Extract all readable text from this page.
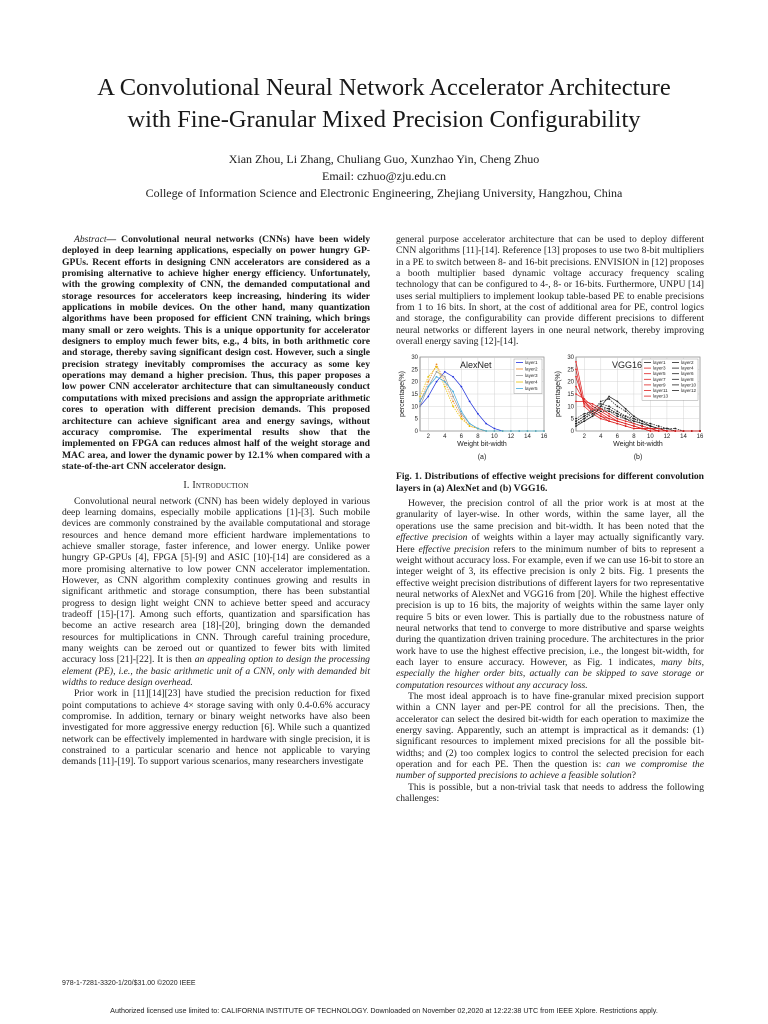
A Convolutional Neural Network Accelerator Architecture
with Fine-Granular Mixed Precision Configurability
Xian Zhou, Li Zhang, Chuliang Guo, Xunzhao Yin, Cheng Zhuo
Email: czhuo@zju.edu.cn
College of Information Science and Electronic Engineering, Zhejiang University, Hangzhou, China

Abstract— Convolutional neural networks (CNNs) have been widely deployed in deep learning applications, especially on power hungry GP-GPUs. Recent efforts in designing CNN accelerators are considered as a promising alternative to achieve higher energy efficiency. Unfortunately, with the growing complexity of CNN, the demanded computational and storage resources for accelerators keep increasing, hindering its wider applications in mobile devices. On the other hand, many quantization algorithms have been proposed for efficient CNN training, which brings many small or zero weights. This is a unique opportunity for accelerator designers to employ much fewer bits, e.g., 4 bits, in both arithmetic core and storage, thereby saving significant design cost. However, such a single precision strategy inevitably compromises the accuracy as some key operations may demand a higher precision. Thus, this paper proposes a low power CNN accelerator architecture that can simultaneously conduct computations with mixed precisions and assign the appropriate arithmetic cores to operation with different precision demands. This proposed architecture can achieve significant area and energy savings, without accuracy compromise. The experimental results show that the implemented on FPGA can reduces almost half of the weight storage and MAC area, and lower the dynamic power by 12.1% when compared with a state-of-the-art CNN accelerator design.

I. Introduction

Convolutional neural network (CNN) has been widely deployed in various deep learning domains, especially mobile applications [1]-[3]. Such mobile devices are commonly constrained by the available computational and storage resources and hence demand more efficient hardware implementations to achieve smaller storage, faster inference, and lower energy. Unlike power hungry GP-GPUs [4], FPGA [5]-[9] and ASIC [10]-[14] are considered as a more promising alternative to low power CNN accelerator implementation. However, as CNN algorithm complexity continues growing and results in significant arithmetic and storage consumption, there has been substantial progress to design light weight CNN to achieve better speed and accuracy tradeoff [15]-[17]. Among such efforts, quantization and sparsification has become an active research area [18]-[20], bringing down the demanded resources for multiplications in CNN. Through careful training procedure, many weights can be zeroed out or quantized to fewer bits with limited accuracy loss [21]-[22]. It is then an appealing option to design the processing element (PE), i.e., the basic arithmetic unit of a CNN, only with demanded bit widths to reduce design overhead.

Prior work in [11][14][23] have studied the precision reduction for fixed point computations to achieve 4× storage saving with only 0.4-0.6% accuracy compromise. In addition, ternary or binary weight networks have also been investigated for more aggressive energy reduction [6]. While such a quantized network can be effectively implemented in hardware with single precision, it is constrained to a particular scenario and hence not applicable to varying demands [11]-[19]. To support various scenarios, many researchers investigate

general purpose accelerator architecture that can be used to deploy different CNN algorithms [11]-[14]. Reference [13] proposes to use two 8-bit multipliers in a PE to switch between 8- and 16-bit precisions. ENVISION in [12] proposes a booth multiplier based dynamic voltage accuracy frequency scaling technology that can be configured to 4-, 8- or 16-bits. Furthermore, UNPU [14] uses serial multipliers to implement lookup table-based PE to enable precisions from 1 to 16 bits. In short, at the cost of additional area for PE, control logics and storage, the configurability can provide different precisions to different neural networks or different layers in one neural network, thereby improving overall energy saving [12]-[14].

0
5
10
15
20
25
30
2 4 6 8 10 12 14 16
Weight bit-width
percentage(%)
(a)
AlexNet	layer1
layer2
layer3
layer4
layer5
0
5
10
15
20
25
30
2 4 6 8 10 12 14 16
Weight bit-width
percentage(%)
(b)
VGG16 layer1	layer2
layer3	layer4
layer5	layer6
layer7	layer8
layer9	layer10
layer11	layer12
layer13

Fig. 1. Distributions of effective weight precisions for different convolution layers in (a) AlexNet and (b) VGG16.

However, the precision control of all the prior work is at most at the granularity of layer-wise. In other words, within the same layer, all the operations use the same precision and bit-width. It has been noted that the effective precision of weights within a layer may actually significantly vary. Here effective precision refers to the minimum number of bits to represent a weight without accuracy loss. For example, even if we can use 16-bit to store an integer weight of 3, its effective precision is only 2 bits. Fig. 1 presents the effective weight precision distributions of different layers for two representative neural networks of AlexNet and VGG16 from [20]. While the highest effective precision is up to 16 bits, the majority of weights within the same layer only require 5 bits or even lower. This is partially due to the robustness nature of neural networks that tend to converge to more distributive and sparse weights during the quantization driven training procedure. The architectures in the prior work have to use the highest effective precision, i.e., the longest bit-width, for each layer to ensure accuracy. However, as Fig. 1 indicates, many bits, especially the higher order bits, actually can be skipped to save storage or computation resources without any accuracy loss.

The most ideal approach is to have fine-granular mixed precision support within a CNN layer and per-PE control for all the precisions. Then, the accelerator can select the desired bit-width for each operation to maximize the energy saving. Apparently, such an attempt is impractical as it demands: (1) significant resources to implement mixed precisions for all the possible bit-widths; and (2) too complex logics to control the selected precision for each operation and for each PE. Then the question is: can we compromise the number of supported precisions to achieve a feasible solution?

This is possible, but a non-trivial task that needs to address the following challenges:

978-1-7281-3320-1/20/$31.00 ©2020 IEEE
Authorized licensed use limited to: CALIFORNIA INSTITUTE OF TECHNOLOGY. Downloaded on November 02,2020 at 12:22:38 UTC from IEEE Xplore. Restrictions apply.
